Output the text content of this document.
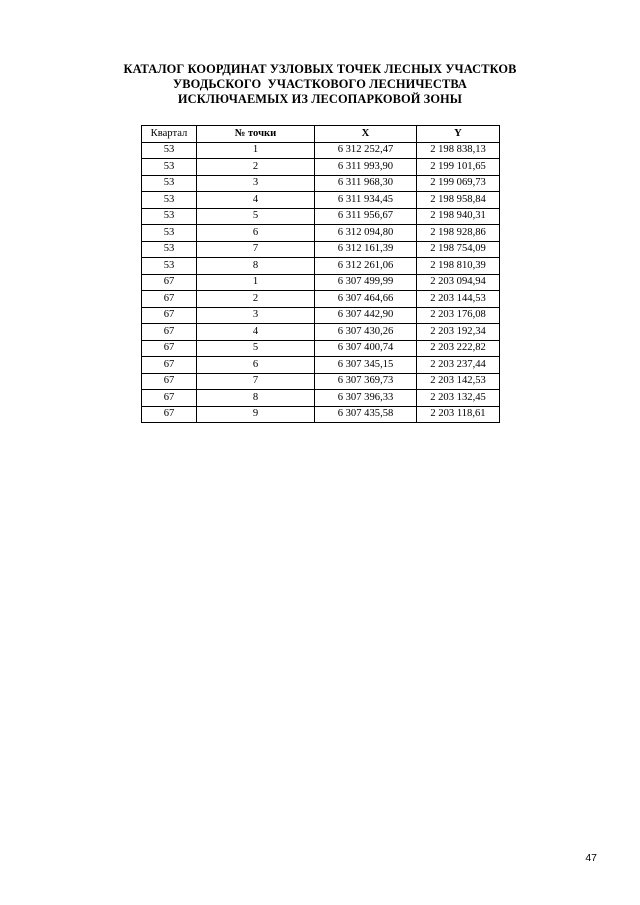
КАТАЛОГ КООРДИНАТ УЗЛОВЫХ ТОЧЕК ЛЕСНЫХ УЧАСТКОВ
УВОДЬСКОГО  УЧАСТКОВОГО ЛЕСНИЧЕСТВА
ИСКЛЮЧАЕМЫХ ИЗ ЛЕСОПАРКОВОЙ ЗОНЫ
Квартал	№ точки	X	Y
53	1	6 312 252,47	2 198 838,13
53	2	6 311 993,90	2 199 101,65
53	3	6 311 968,30	2 199 069,73
53	4	6 311 934,45	2 198 958,84
53	5	6 311 956,67	2 198 940,31
53	6	6 312 094,80	2 198 928,86
53	7	6 312 161,39	2 198 754,09
53	8	6 312 261,06	2 198 810,39
67	1	6 307 499,99	2 203 094,94
67	2	6 307 464,66	2 203 144,53
67	3	6 307 442,90	2 203 176,08
67	4	6 307 430,26	2 203 192,34
67	5	6 307 400,74	2 203 222,82
67	6	6 307 345,15	2 203 237,44
67	7	6 307 369,73	2 203 142,53
67	8	6 307 396,33	2 203 132,45
67	9	6 307 435,58	2 203 118,61
47
